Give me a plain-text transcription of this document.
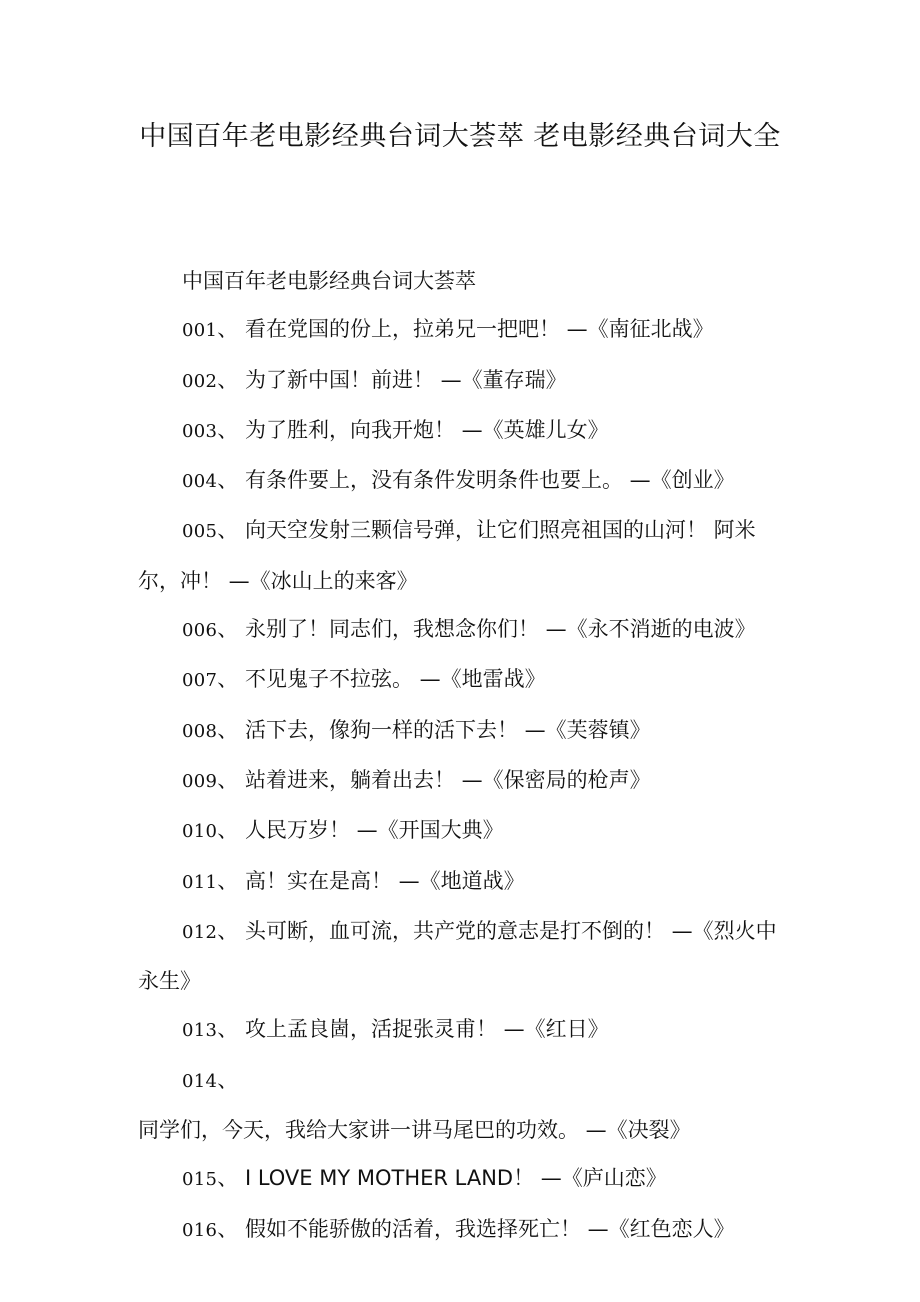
中国百年老电影经典台词大荟萃 老电影经典台词大全

中国百年老电影经典台词大荟萃

001、 看在党国的份上，拉弟兄一把吧！ —《南征北战》

002、 为了新中国！前进！ —《董存瑞》

003、 为了胜利，向我开炮！ —《英雄儿女》

004、 有条件要上，没有条件发明条件也要上。 —《创业》

005、 向天空发射三颗信号弹，让它们照亮祖国的山河！ 阿米尔，冲！ —《冰山上的来客》

006、 永别了！同志们，我想念你们！ —《永不消逝的电波》

007、 不见鬼子不拉弦。 —《地雷战》

008、 活下去，像狗一样的活下去！ —《芙蓉镇》

009、 站着进来，躺着出去！ —《保密局的枪声》

010、 人民万岁！ —《开国大典》

011、 高！实在是高！ —《地道战》

012、 头可断，血可流，共产党的意志是打不倒的！ —《烈火中永生》

013、 攻上孟良崮，活捉张灵甫！ —《红日》

014、 同学们，今天，我给大家讲一讲马尾巴的功效。 —《决裂》

015、 I LOVE MY MOTHER LAND！ —《庐山恋》

016、 假如不能骄傲的活着，我选择死亡！ —《红色恋人》
